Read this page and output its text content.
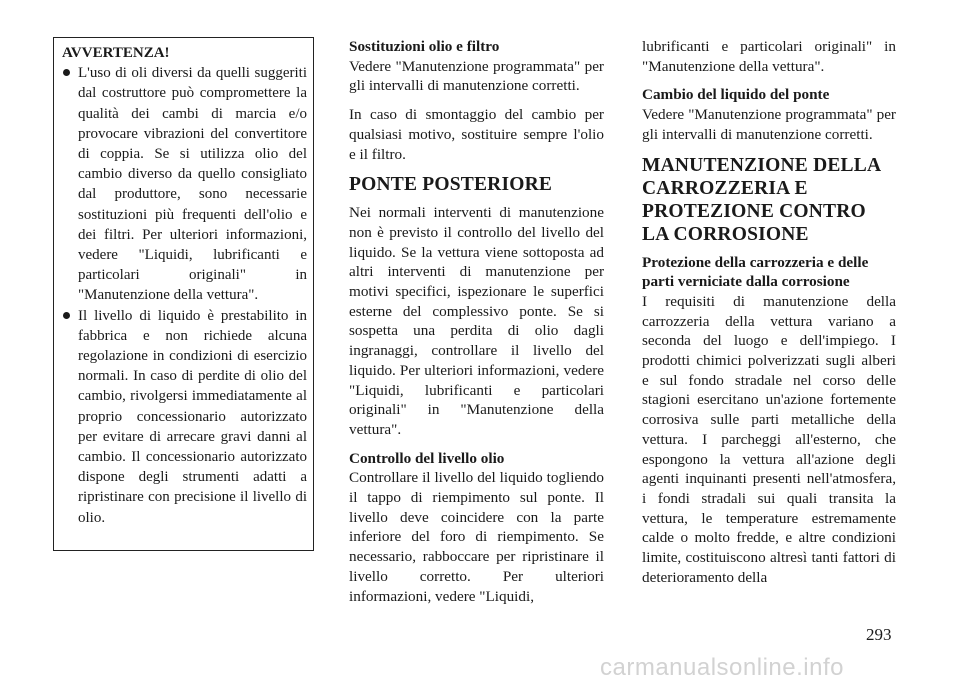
AVVERTENZA!

L'uso di oli diversi da quelli suggeriti dal costruttore può compromettere la qualità dei cambi di marcia e/o provocare vibrazioni del convertitore di coppia. Se si utilizza olio del cambio diverso da quello consigliato dal produttore, sono necessarie sostituzioni più frequenti dell'olio e dei filtri. Per ulteriori informazioni, vedere "Liquidi, lubrificanti e particolari originali" in "Manutenzione della vettura".
Il livello di liquido è prestabilito in fabbrica e non richiede alcuna regolazione in condizioni di esercizio normali. In caso di perdite di olio del cambio, rivolgersi immediatamente al proprio concessionario autorizzato per evitare di arrecare gravi danni al cambio. Il concessionario autorizzato dispone degli strumenti adatti a ripristinare con precisione il livello di olio.

Sostituzioni olio e filtro
Vedere "Manutenzione programmata" per gli intervalli di manutenzione corretti.

In caso di smontaggio del cambio per qualsiasi motivo, sostituire sempre l'olio e il filtro.

PONTE POSTERIORE

Nei normali interventi di manutenzione non è previsto il controllo del livello del liquido. Se la vettura viene sottoposta ad altri interventi di manutenzione per motivi specifici, ispezionare le superfici esterne del complessivo ponte. Se si sospetta una perdita di olio dagli ingranaggi, controllare il livello del liquido. Per ulteriori informazioni, vedere "Liquidi, lubrificanti e particolari originali" in "Manutenzione della vettura".

Controllo del livello olio
Controllare il livello del liquido togliendo il tappo di riempimento sul ponte. Il livello deve coincidere con la parte inferiore del foro di riempimento. Se necessario, rabboccare per ripristinare il livello corretto. Per ulteriori informazioni, vedere "Liquidi,

lubrificanti e particolari originali" in "Manutenzione della vettura".

Cambio del liquido del ponte
Vedere "Manutenzione programmata" per gli intervalli di manutenzione corretti.

MANUTENZIONE DELLA CARROZZERIA E PROTEZIONE CONTRO LA CORROSIONE

Protezione della carrozzeria e delle parti verniciate dalla corrosione
I requisiti di manutenzione della carrozzeria della vettura variano a seconda del luogo e dell'impiego. I prodotti chimici polverizzati sugli alberi e sul fondo stradale nel corso delle stagioni esercitano un'azione fortemente corrosiva sulle parti metalliche della vettura. I parcheggi all'esterno, che espongono la vettura all'azione degli agenti inquinanti presenti nell'atmosfera, i fondi stradali sui quali transita la vettura, le temperature estremamente calde o molto fredde, e altre condizioni limite, costituiscono altresì tanti fattori di deterioramento della

293
carmanualsonline.info
